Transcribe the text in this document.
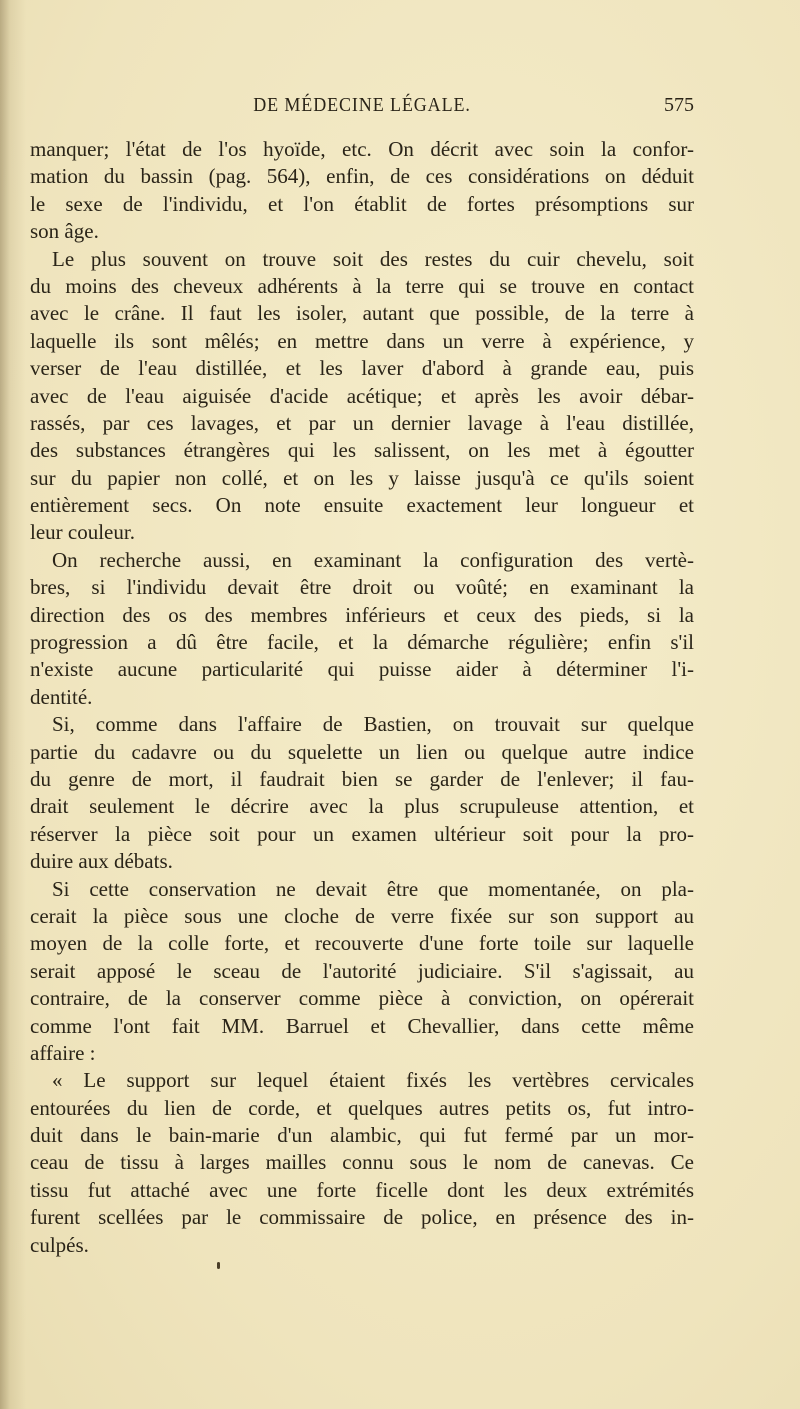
DE MÉDECINE LÉGALE.	575
manquer; l'état de l'os hyoïde, etc. On décrit avec soin la confor-
mation du bassin (pag. 564), enfin, de ces considérations on déduit
le sexe de l'individu, et l'on établit de fortes présomptions sur
son âge.
Le plus souvent on trouve soit des restes du cuir chevelu, soit
du moins des cheveux adhérents à la terre qui se trouve en contact
avec le crâne. Il faut les isoler, autant que possible, de la terre à
laquelle ils sont mêlés; en mettre dans un verre à expérience, y
verser de l'eau distillée, et les laver d'abord à grande eau, puis
avec de l'eau aiguisée d'acide acétique; et après les avoir débar-
rassés, par ces lavages, et par un dernier lavage à l'eau distillée,
des substances étrangères qui les salissent, on les met à égoutter
sur du papier non collé, et on les y laisse jusqu'à ce qu'ils soient
entièrement secs. On note ensuite exactement leur longueur et
leur couleur.
On recherche aussi, en examinant la configuration des vertè-
bres, si l'individu devait être droit ou voûté; en examinant la
direction des os des membres inférieurs et ceux des pieds, si la
progression a dû être facile, et la démarche régulière; enfin s'il
n'existe aucune particularité qui puisse aider à déterminer l'i-
dentité.
Si, comme dans l'affaire de Bastien, on trouvait sur quelque
partie du cadavre ou du squelette un lien ou quelque autre indice
du genre de mort, il faudrait bien se garder de l'enlever; il fau-
drait seulement le décrire avec la plus scrupuleuse attention, et
réserver la pièce soit pour un examen ultérieur soit pour la pro-
duire aux débats.
Si cette conservation ne devait être que momentanée, on pla-
cerait la pièce sous une cloche de verre fixée sur son support au
moyen de la colle forte, et recouverte d'une forte toile sur laquelle
serait apposé le sceau de l'autorité judiciaire. S'il s'agissait, au
contraire, de la conserver comme pièce à conviction, on opérerait
comme l'ont fait MM. Barruel et Chevallier, dans cette même
affaire :
« Le support sur lequel étaient fixés les vertèbres cervicales
entourées du lien de corde, et quelques autres petits os, fut intro-
duit dans le bain-marie d'un alambic, qui fut fermé par un mor-
ceau de tissu à larges mailles connu sous le nom de canevas. Ce
tissu fut attaché avec une forte ficelle dont les deux extrémités
furent scellées par le commissaire de police, en présence des in-
culpés.
